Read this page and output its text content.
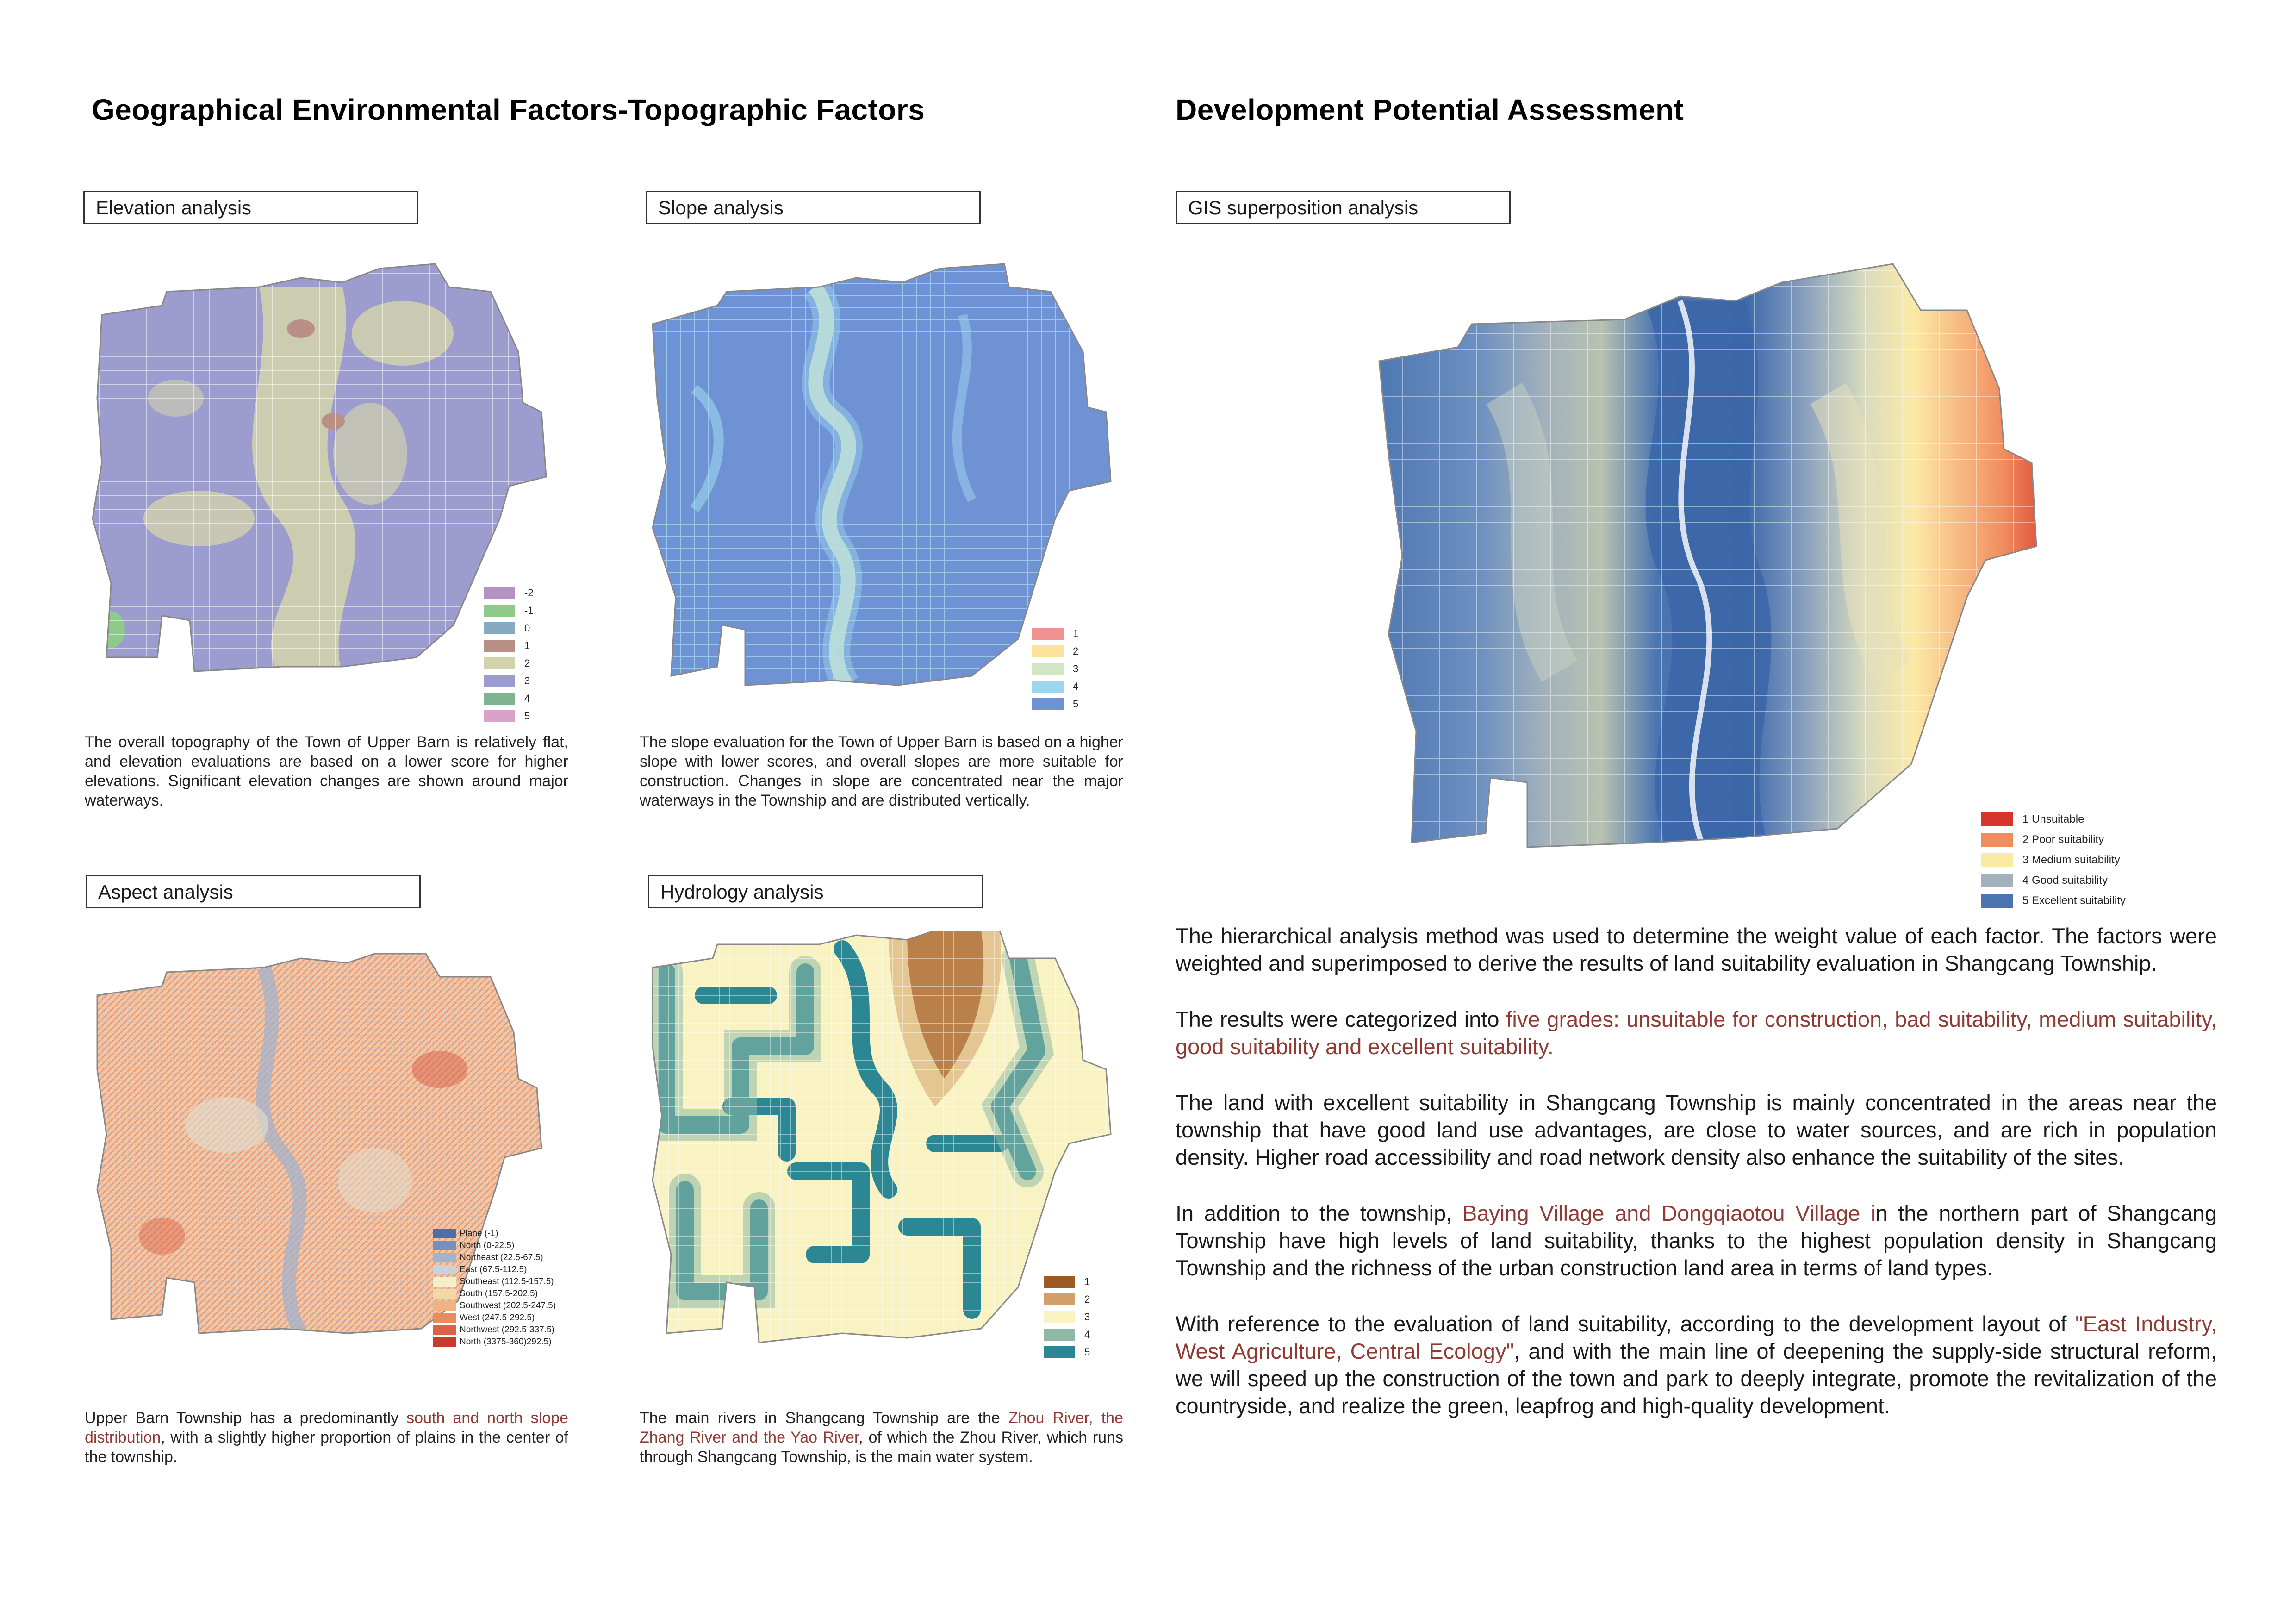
Geographical Environmental Factors-Topographic Factors	Development Potential Assessment
Elevation analysis	Slope analysis	GIS superposition analysis
Aspect analysis	Hydrology analysis
-2
-1
0
1
2
3
4
5
The overall topography of the Town of Upper Barn is relatively flat, and elevation evaluations are based on a lower score for higher elevations. Significant elevation changes are shown around major waterways.
1
2
3
4
5
The slope evaluation for the Town of Upper Barn is based on a higher slope with lower scores, and overall slopes are more suitable for construction. Changes in slope are concentrated near the major waterways in the Township and are distributed vertically.
1 Unsuitable
2 Poor suitability
3 Medium suitability
4 Good suitability
5 Excellent suitability
Plane (-1)
North (0-22.5)
Northeast (22.5-67.5)
East (67.5-112.5)
Southeast (112.5-157.5)
South (157.5-202.5)
Southwest (202.5-247.5)
West (247.5-292.5)
Northwest (292.5-337.5)
North (3375-360)292.5)
Upper Barn Township has a predominantly south and north slope distribution, with a slightly higher proportion of plains in the center of the township.
1
2
3
4
5
The main rivers in Shangcang Township are the Zhou River, the Zhang River and the Yao River, of which the Zhou River, which runs through Shangcang Township, is the main water system.

The hierarchical analysis method was used to determine the weight value of each factor. The factors were weighted and superimposed to derive the results of land suitability evaluation in Shangcang Township.

The results were categorized into five grades: unsuitable for construction, bad suitability, medium suitability, good suitability and excellent suitability.

The land with excellent suitability in Shangcang Township is mainly concentrated in the areas near the township that have good land use advantages, are close to water sources, and are rich in population density. Higher road accessibility and road network density also enhance the suitability of the sites.

In addition to the township, Baying Village and Dongqiaotou Village in the northern part of Shangcang Township have high levels of land suitability, thanks to the highest population density in Shangcang Township and the richness of the urban construction land area in terms of land types.

With reference to the evaluation of land suitability, according to the development layout of "East Industry, West Agriculture, Central Ecology", and with the main line of deepening the supply-side structural reform, we will speed up the construction of the town and park to deeply integrate, promote the revitalization of the countryside, and realize the green, leapfrog and high-quality development.
